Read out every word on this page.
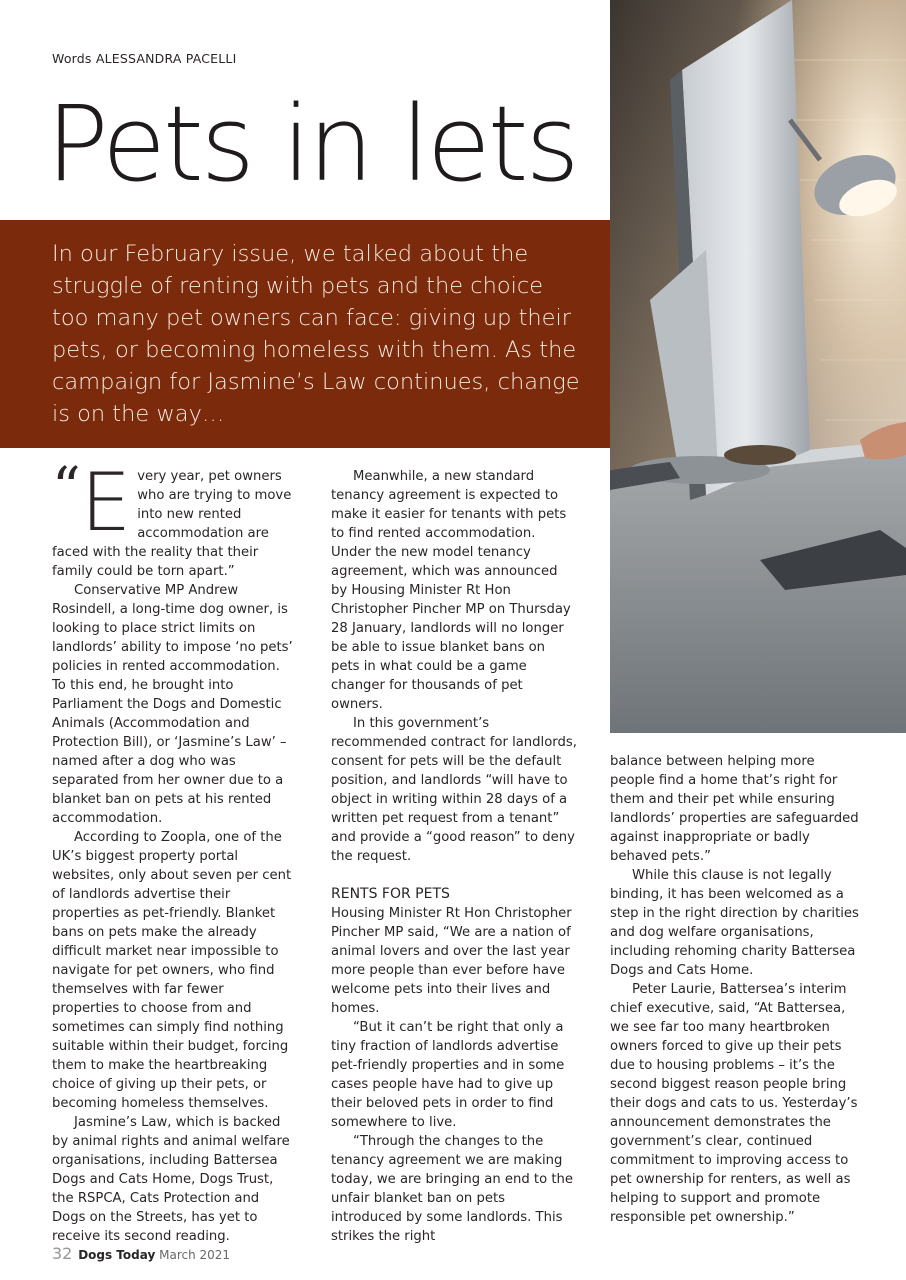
Words ALESSANDRA PACELLI
Pets in lets

In our February issue, we talked about the struggle of renting with pets and the choice too many pet owners can face: giving up their pets, or becoming homeless with them. As the campaign for Jasmine’s Law continues, change is on the way…

“ E very year, pet owners who are trying to move into new rented accommodation are faced with the reality that their family could be torn apart.”

Conservative MP Andrew Rosindell, a long-time dog owner, is looking to place strict limits on landlords’ ability to impose ‘no pets’ policies in rented accommodation. To this end, he brought into Parliament the Dogs and Domestic Animals (Accommodation and Protection Bill), or ‘Jasmine’s Law’ – named after a dog who was separated from her owner due to a blanket ban on pets at his rented accommodation.

According to Zoopla, one of the UK’s biggest property portal websites, only about seven per cent of landlords advertise their properties as pet-friendly. Blanket bans on pets make the already difficult market near impossible to navigate for pet owners, who find themselves with far fewer properties to choose from and sometimes can simply find nothing suitable within their budget, forcing them to make the heartbreaking choice of giving up their pets, or becoming homeless themselves.

Jasmine’s Law, which is backed by animal rights and animal welfare organisations, including Battersea Dogs and Cats Home, Dogs Trust, the RSPCA, Cats Protection and Dogs on the Streets, has yet to receive its second reading.

Meanwhile, a new standard tenancy agreement is expected to make it easier for tenants with pets to find rented accommodation. Under the new model tenancy agreement, which was announced by Housing Minister Rt Hon Christopher Pincher MP on Thursday 28 January, landlords will no longer be able to issue blanket bans on pets in what could be a game changer for thousands of pet owners.

In this government’s recommended contract for landlords, consent for pets will be the default position, and landlords “will have to object in writing within 28 days of a written pet request from a tenant” and provide a “good reason” to deny the request.

RENTS FOR PETS

Housing Minister Rt Hon Christopher Pincher MP said, “We are a nation of animal lovers and over the last year more people than ever before have welcome pets into their lives and homes.

“But it can’t be right that only a tiny fraction of landlords advertise pet-friendly properties and in some cases people have had to give up their beloved pets in order to find somewhere to live.

“Through the changes to the tenancy agreement we are making today, we are bringing an end to the unfair blanket ban on pets introduced by some landlords. This strikes the right

balance between helping more people find a home that’s right for them and their pet while ensuring landlords’ properties are safeguarded against inappropriate or badly behaved pets.”

While this clause is not legally binding, it has been welcomed as a step in the right direction by charities and dog welfare organisations, including rehoming charity Battersea Dogs and Cats Home.

Peter Laurie, Battersea’s interim chief executive, said, “At Battersea, we see far too many heartbroken owners forced to give up their pets due to housing problems – it’s the second biggest reason people bring their dogs and cats to us. Yesterday’s announcement demonstrates the government’s clear, continued commitment to improving access to pet ownership for renters, as well as helping to support and promote responsible pet ownership.”

32 Dogs Today March 2021
